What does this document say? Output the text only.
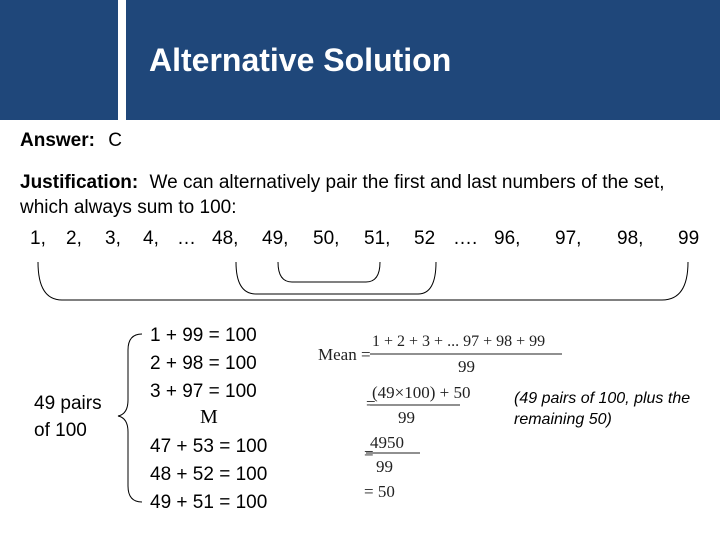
Alternative Solution
Answer: C
Justification: We can alternatively pair the first and last numbers of the set, which always sum to 100:
1, 2, 3, 4, … 48, 49, 50, 51, 52 …. 96, 97, 98, 99
49 pairs
of 100
1 + 99 = 100
2 + 98 = 100
3 + 97 = 100
M
47 + 53 = 100
48 + 52 = 100
49 + 51 = 100
Mean =
1 + 2 + 3 + ... 97 + 98 + 99
99
=
(49×100) + 50
99
=
4950
99
= 50
(49 pairs of 100, plus the remaining 50)
